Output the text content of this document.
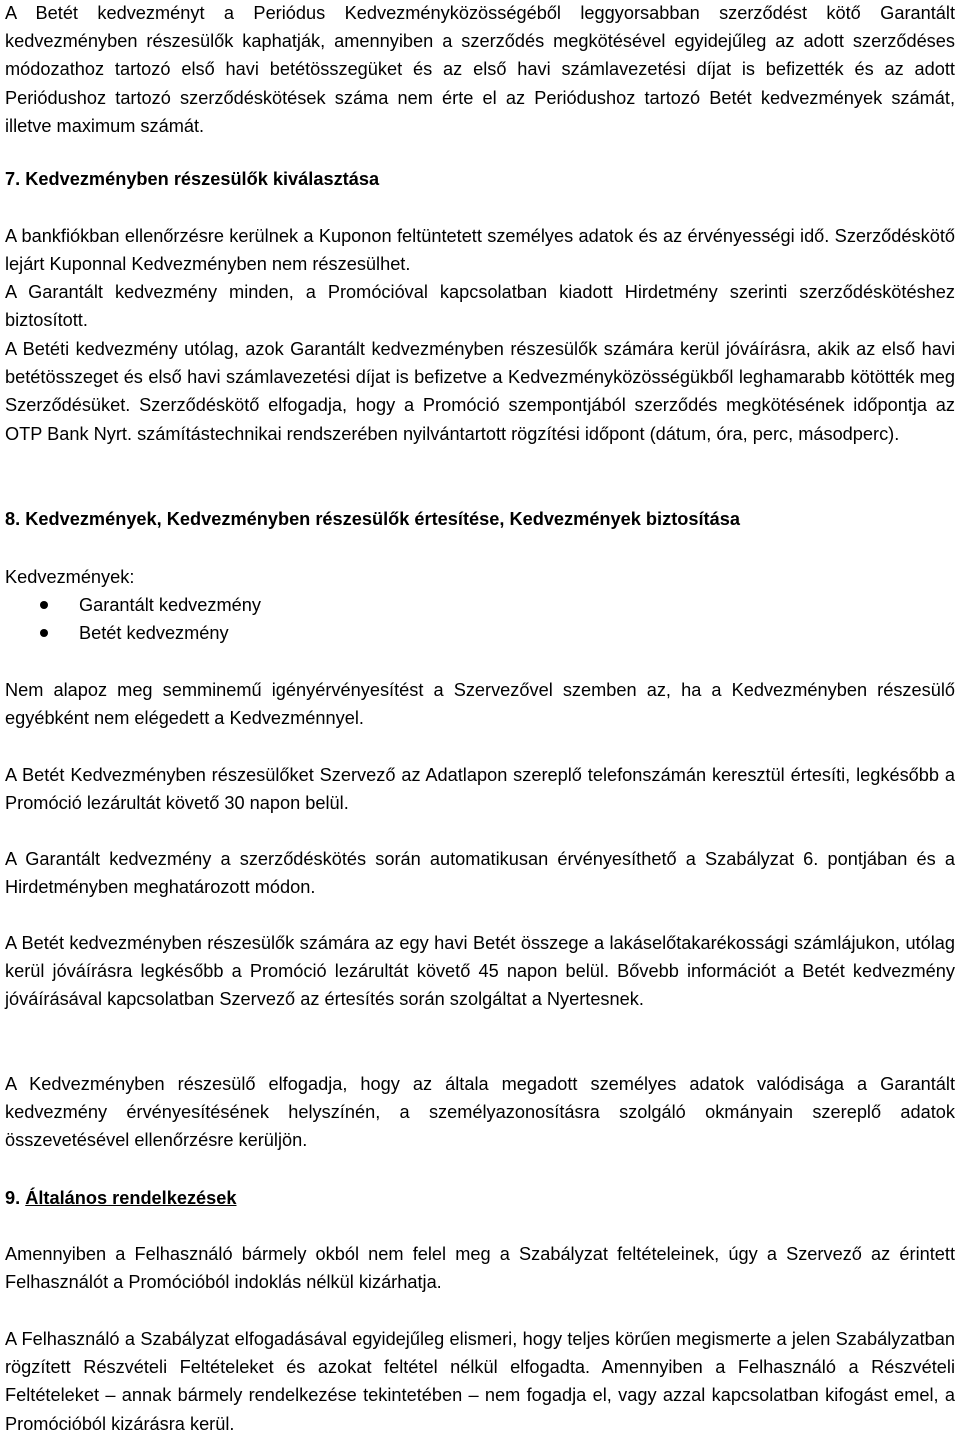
A Betét kedvezményt a Periódus Kedvezményközösségéből leggyorsabban szerződést kötő Garantált kedvezményben részesülők kaphatják, amennyiben a szerződés megkötésével egyidejűleg az adott szerződéses módozathoz tartozó első havi betétösszegüket és az első havi számlavezetési díjat is befizették és az adott Periódushoz tartozó szerződéskötések száma nem érte el az Periódushoz tartozó Betét kedvezmények számát, illetve maximum számát.

7. Kedvezményben részesülők kiválasztása

A bankfiókban ellenőrzésre kerülnek a Kuponon feltüntetett személyes adatok és az érvényességi idő. Szerződéskötő lejárt Kuponnal Kedvezményben nem részesülhet.

A Garantált kedvezmény minden, a Promócióval kapcsolatban kiadott Hirdetmény szerinti szerződéskötéshez biztosított.

A Betéti kedvezmény utólag, azok Garantált kedvezményben részesülők számára kerül jóváírásra, akik az első havi betétösszeget és első havi számlavezetési díjat is befizetve a Kedvezményközösségükből leghamarabb kötötték meg Szerződésüket. Szerződéskötő elfogadja, hogy a Promóció szempontjából szerződés megkötésének időpontja az OTP Bank Nyrt. számítástechnikai rendszerében nyilvántartott rögzítési időpont (dátum, óra, perc, másodperc).

8. Kedvezmények, Kedvezményben részesülők értesítése, Kedvezmények biztosítása

Kedvezmények:

Garantált kedvezmény
Betét kedvezmény

Nem alapoz meg semminemű igényérvényesítést a Szervezővel szemben az, ha a Kedvezményben részesülő egyébként nem elégedett a Kedvezménnyel.

A Betét Kedvezményben részesülőket Szervező az Adatlapon szereplő telefonszámán keresztül értesíti, legkésőbb a Promóció lezárultát követő 30 napon belül.

A Garantált kedvezmény a szerződéskötés során automatikusan érvényesíthető a Szabályzat 6. pontjában és a Hirdetményben meghatározott módon.

A Betét kedvezményben részesülők számára az egy havi Betét összege a lakáselőtakarékossági számlájukon, utólag kerül jóváírásra legkésőbb a Promóció lezárultát követő 45 napon belül. Bővebb információt a Betét kedvezmény jóváírásával kapcsolatban Szervező az értesítés során szolgáltat a Nyertesnek.

A Kedvezményben részesülő elfogadja, hogy az általa megadott személyes adatok valódisága a Garantált kedvezmény érvényesítésének helyszínén, a személyazonosításra szolgáló okmányain szereplő adatok összevetésével ellenőrzésre kerüljön.

9. Általános rendelkezések

Amennyiben a Felhasználó bármely okból nem felel meg a Szabályzat feltételeinek, úgy a Szervező az érintett Felhasználót a Promócióból indoklás nélkül kizárhatja.

A Felhasználó a Szabályzat elfogadásával egyidejűleg elismeri, hogy teljes körűen megismerte a jelen Szabályzatban rögzített Részvételi Feltételeket és azokat feltétel nélkül elfogadta. Amennyiben a Felhasználó a Részvételi Feltételeket – annak bármely rendelkezése tekintetében – nem fogadja el, vagy azzal kapcsolatban kifogást emel, a Promócióból kizárásra kerül.
